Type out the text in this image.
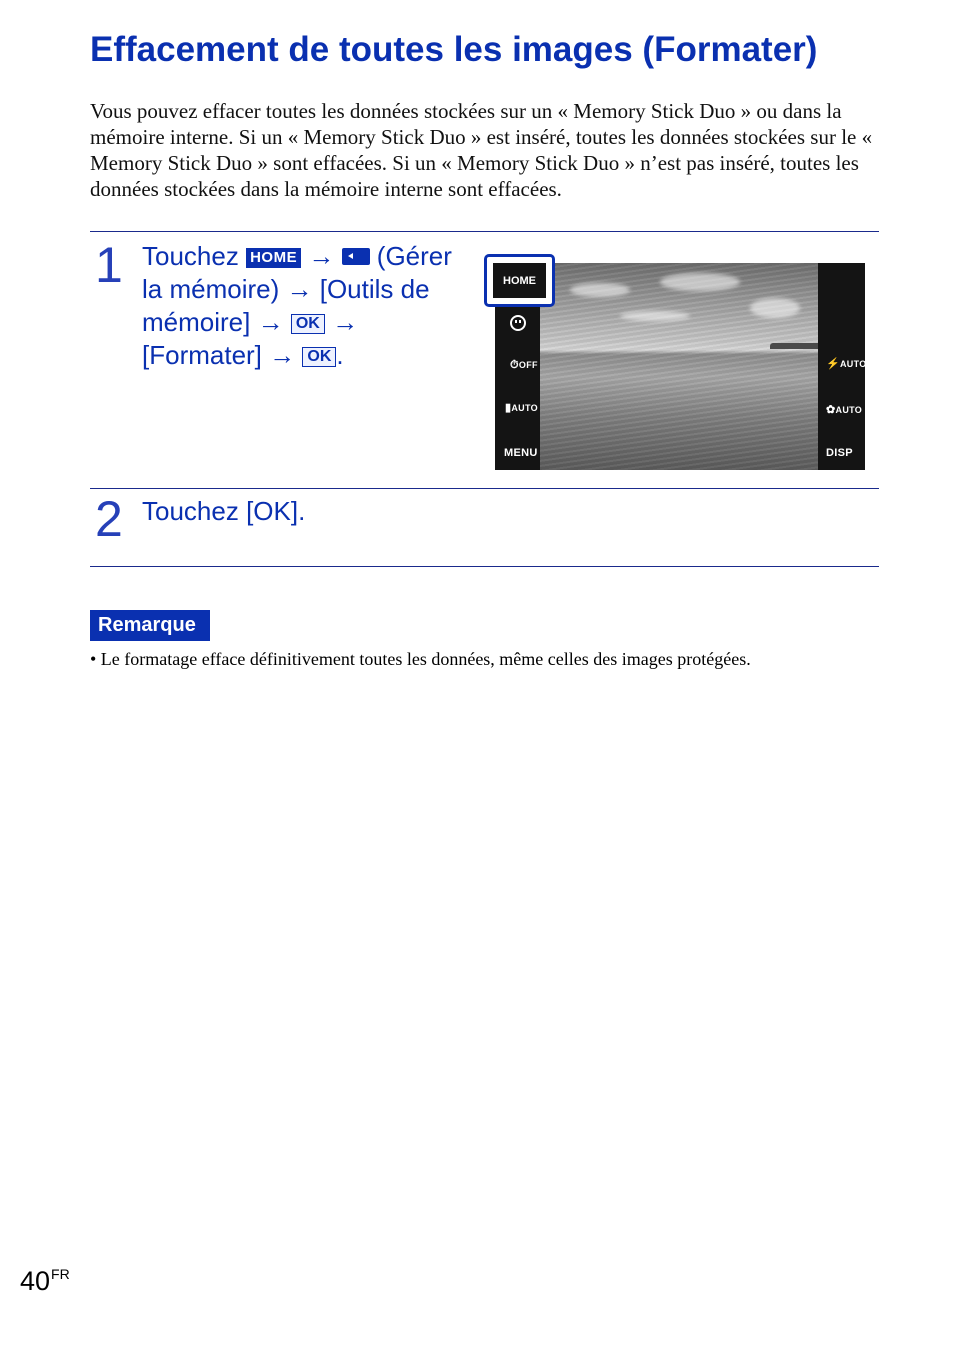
Effacement de toutes les images (Formater)

Vous pouvez effacer toutes les données stockées sur un « Memory Stick Duo » ou dans la mémoire interne. Si un « Memory Stick Duo » est inséré, toutes les données stockées sur le « Memory Stick Duo » sont effacées. Si un « Memory Stick Duo » n’est pas inséré, toutes les données stockées dans la mémoire interne sont effacées.

1 Touchez HOME → (Gérer
la mémoire) → [Outils de
mémoire] → OK →
[Formater] → OK .	⏱OFF
▮AUTO
MENU
⚡AUTO
✿AUTO
DISP
HOME
2 Touchez [OK].
Remarque

• Le formatage efface définitivement toutes les données, même celles des images protégées.

$40^{FR}$
